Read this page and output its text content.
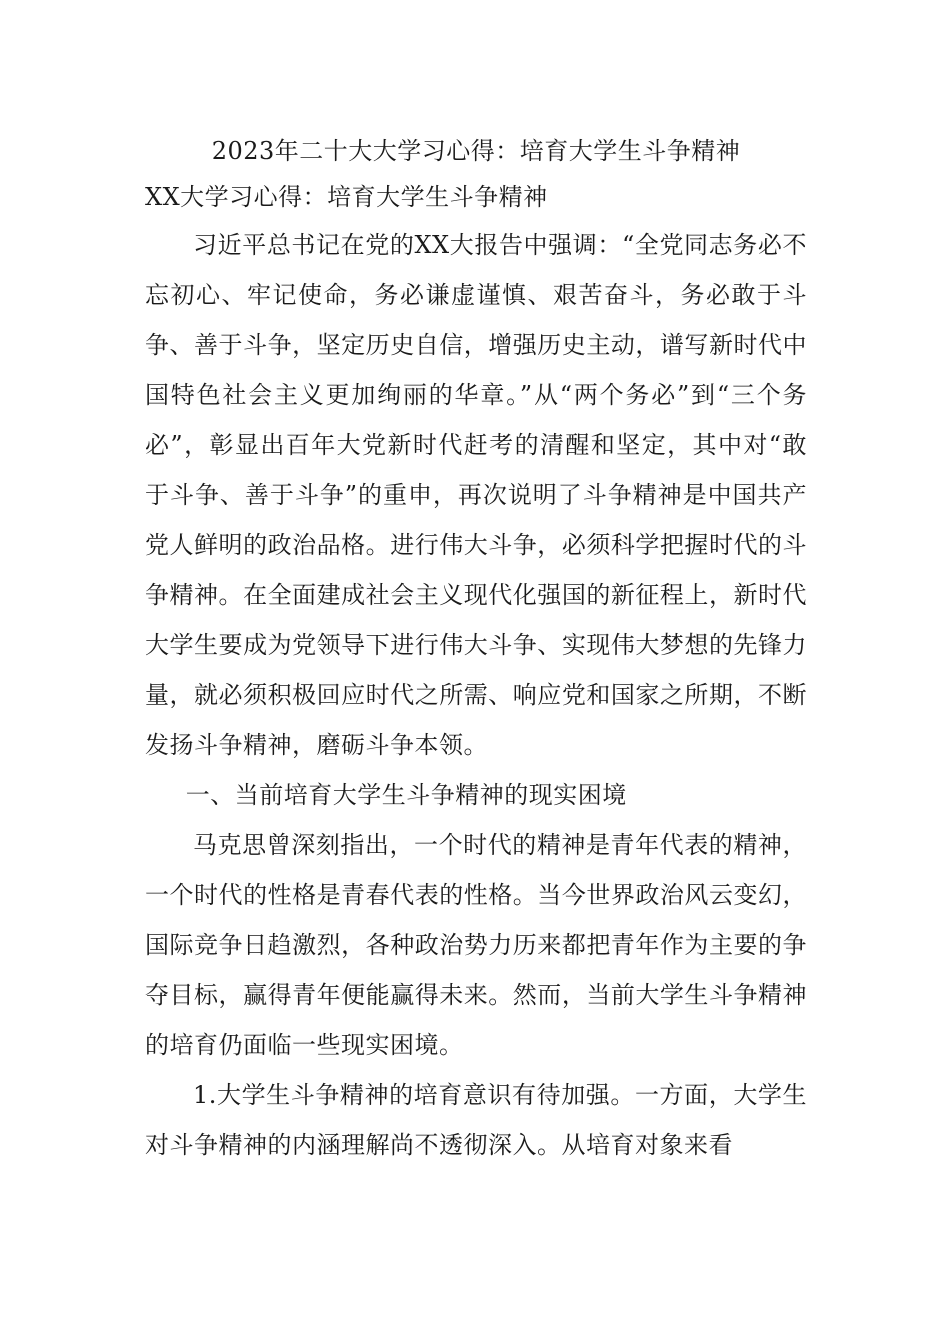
2023年二十大大学习心得：培育大学生斗争精神

XX大学习心得：培育大学生斗争精神

习近平总书记在党的XX大报告中强调：“全党同志务必不忘初心、牢记使命，务必谦虚谨慎、艰苦奋斗，务必敢于斗争、善于斗争，坚定历史自信，增强历史主动，谱写新时代中国特色社会主义更加绚丽的华章。”从“两个务必”到“三个务必”，彰显出百年大党新时代赶考的清醒和坚定，其中对“敢于斗争、善于斗争”的重申，再次说明了斗争精神是中国共产党人鲜明的政治品格。进行伟大斗争，必须科学把握时代的斗争精神。在全面建成社会主义现代化强国的新征程上，新时代大学生要成为党领导下进行伟大斗争、实现伟大梦想的先锋力量，就必须积极回应时代之所需、响应党和国家之所期，不断发扬斗争精神，磨砺斗争本领。

一、当前培育大学生斗争精神的现实困境

马克思曾深刻指出，一个时代的精神是青年代表的精神，一个时代的性格是青春代表的性格。当今世界政治风云变幻，国际竞争日趋激烈，各种政治势力历来都把青年作为主要的争夺目标，赢得青年便能赢得未来。然而，当前大学生斗争精神的培育仍面临一些现实困境。

1.大学生斗争精神的培育意识有待加强。一方面，大学生对斗争精神的内涵理解尚不透彻深入。从培育对象来看
